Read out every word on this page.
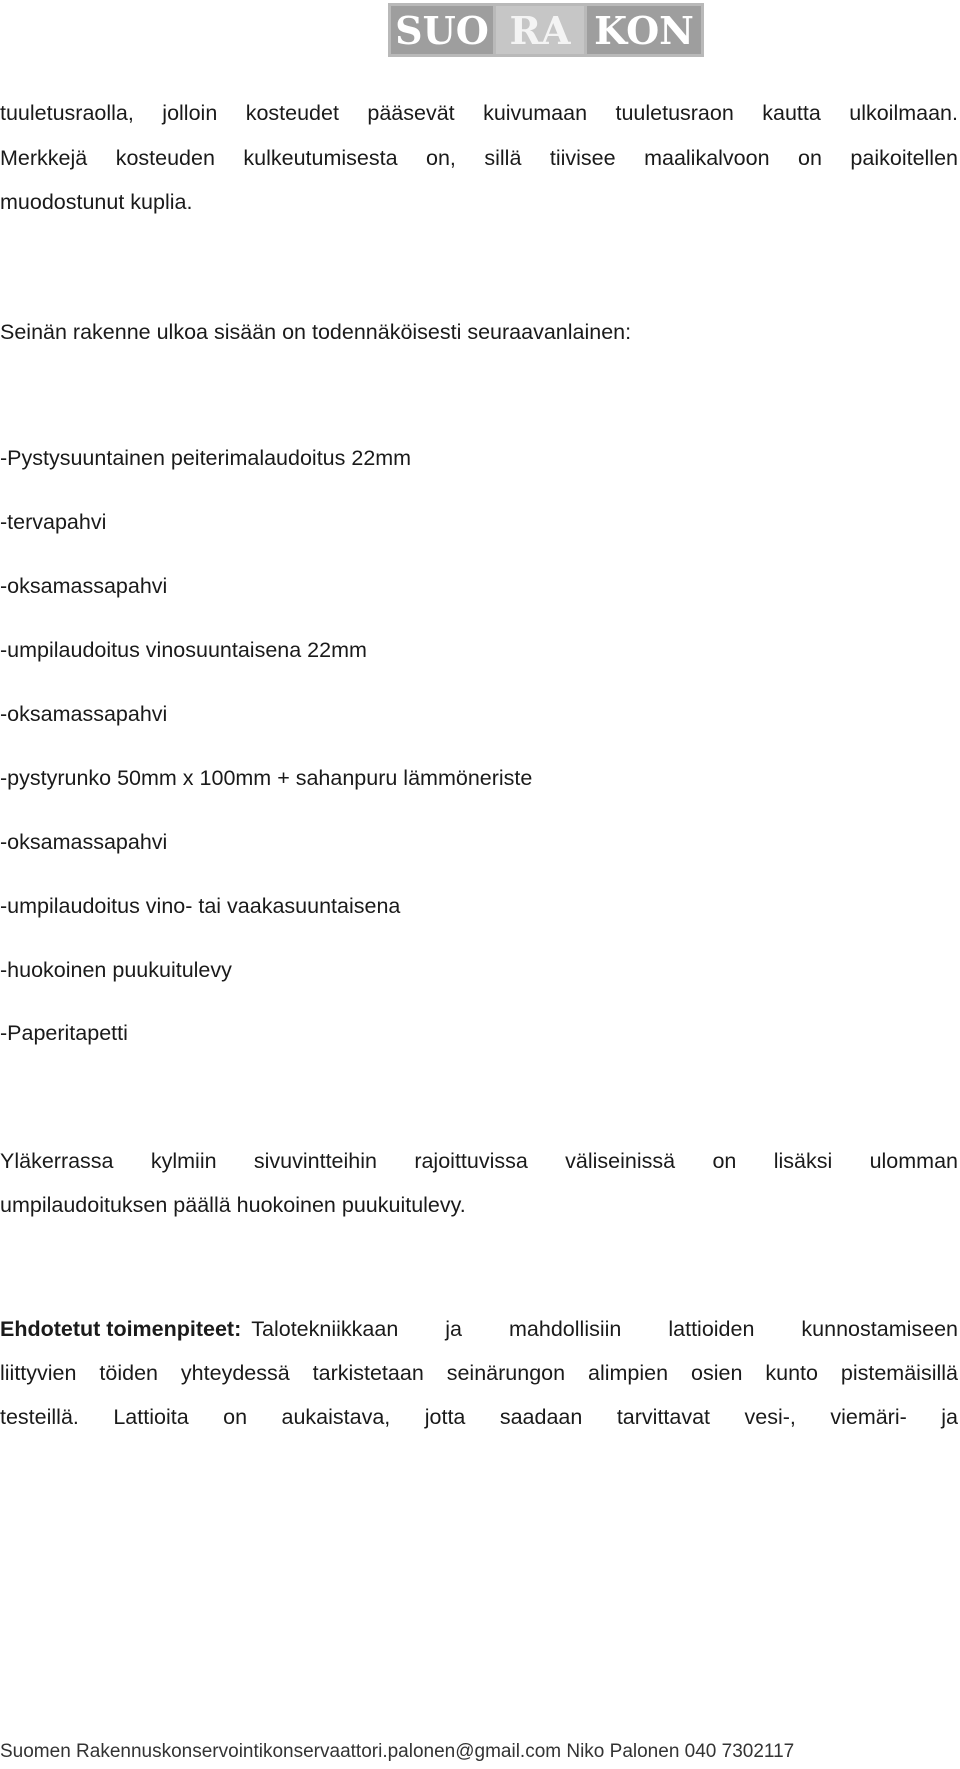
SUO RA KON
tuuletusraolla, jolloin kosteudet pääsevät kuivumaan tuuletusraon kautta ulkoilmaan.
Merkkejä kosteuden kulkeutumisesta on, sillä tiivisee maalikalvoon on paikoitellen
muodostunut kuplia.

Seinän rakenne ulkoa sisään on todennäköisesti seuraavanlainen:

-Pystysuuntainen peiterimalaudoitus 22mm

-tervapahvi

-oksamassapahvi

-umpilaudoitus vinosuuntaisena 22mm

-oksamassapahvi

-pystyrunko 50mm x 100mm + sahanpuru lämmöneriste

-oksamassapahvi

-umpilaudoitus vino- tai vaakasuuntaisena

-huokoinen puukuitulevy

-Paperitapetti

Yläkerrassa kylmiin sivuvintteihin rajoittuvissa väliseinissä on lisäksi ulomman
umpilaudoituksen päällä huokoinen puukuitulevy.
Ehdotetut toimenpiteet: Talotekniikkaan ja mahdollisiin lattioiden kunnostamiseen
liittyvien töiden yhteydessä tarkistetaan seinärungon alimpien osien kunto pistemäisillä
testeillä. Lattioita on aukaistava, jotta saadaan tarvittavat vesi-, viemäri- ja
Suomen Rakennuskonservointikonservaattori.palonen@gmail.com Niko Palonen 040 7302117
